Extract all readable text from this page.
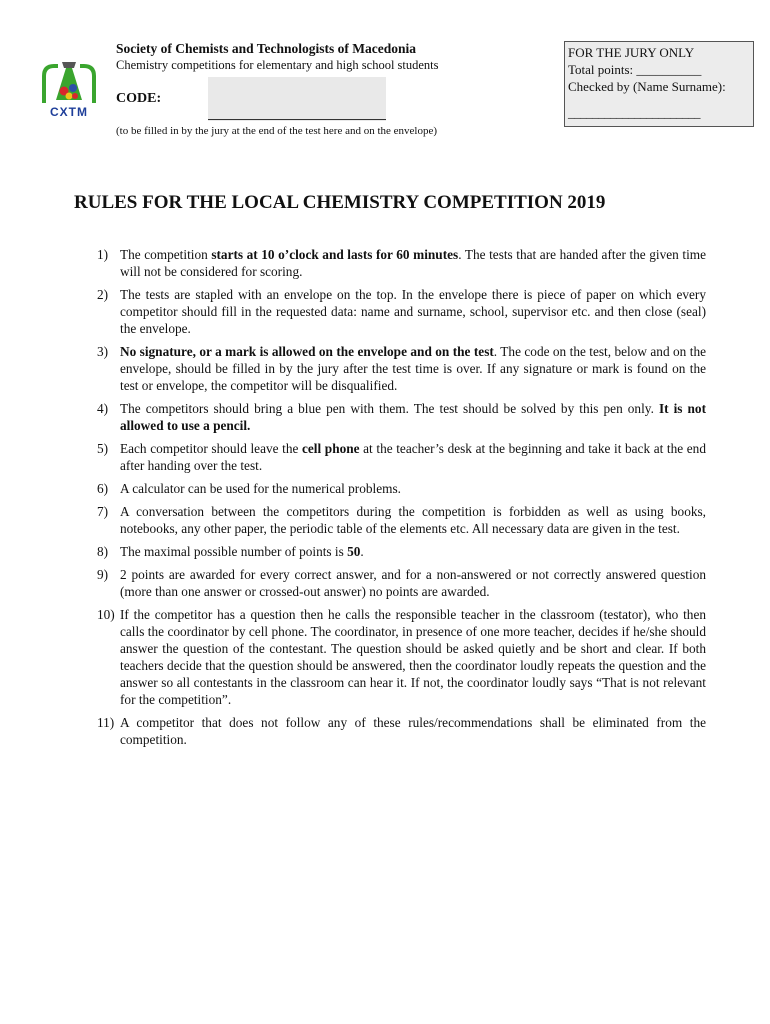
CXTM
Society of Chemists and Technologists of Macedonia
Chemistry competitions for elementary and high school students
CODE:
(to be filled in by the jury at the end of the test here and on the envelope)
FOR THE JURY ONLY
Total points: __________
Checked by (Name Surname):
______________________
RULES FOR THE LOCAL CHEMISTRY COMPETITION 2019
1) The competition starts at 10 o’clock and lasts for 60 minutes. The tests that are handed after the given time will not be considered for scoring.
2) The tests are stapled with an envelope on the top. In the envelope there is piece of paper on which every competitor should fill in the requested data: name and surname, school, supervisor etc. and then close (seal) the envelope.
3) No signature, or a mark is allowed on the envelope and on the test. The code on the test, below and on the envelope, should be filled in by the jury after the test time is over. If any signature or mark is found on the test or envelope, the competitor will be disqualified.
4) The competitors should bring a blue pen with them. The test should be solved by this pen only. It is not allowed to use a pencil.
5) Each competitor should leave the cell phone at the teacher’s desk at the beginning and take it back at the end after handing over the test.
6) A calculator can be used for the numerical problems.
7) A conversation between the competitors during the competition is forbidden as well as using books, notebooks, any other paper, the periodic table of the elements etc. All necessary data are given in the test.
8) The maximal possible number of points is 50.
9) 2 points are awarded for every correct answer, and for a non-answered or not correctly answered question (more than one answer or crossed-out answer) no points are awarded.
10) If the competitor has a question then he calls the responsible teacher in the classroom (testator), who then calls the coordinator by cell phone. The coordinator, in presence of one more teacher, decides if he/she should answer the question of the contestant. The question should be asked quietly and be short and clear. If both teachers decide that the question should be answered, then the coordinator loudly repeats the question and the answer so all contestants in the classroom can hear it. If not, the coordinator loudly says “That is not relevant for the competition”.
11) A competitor that does not follow any of these rules/recommendations shall be eliminated from the competition.
